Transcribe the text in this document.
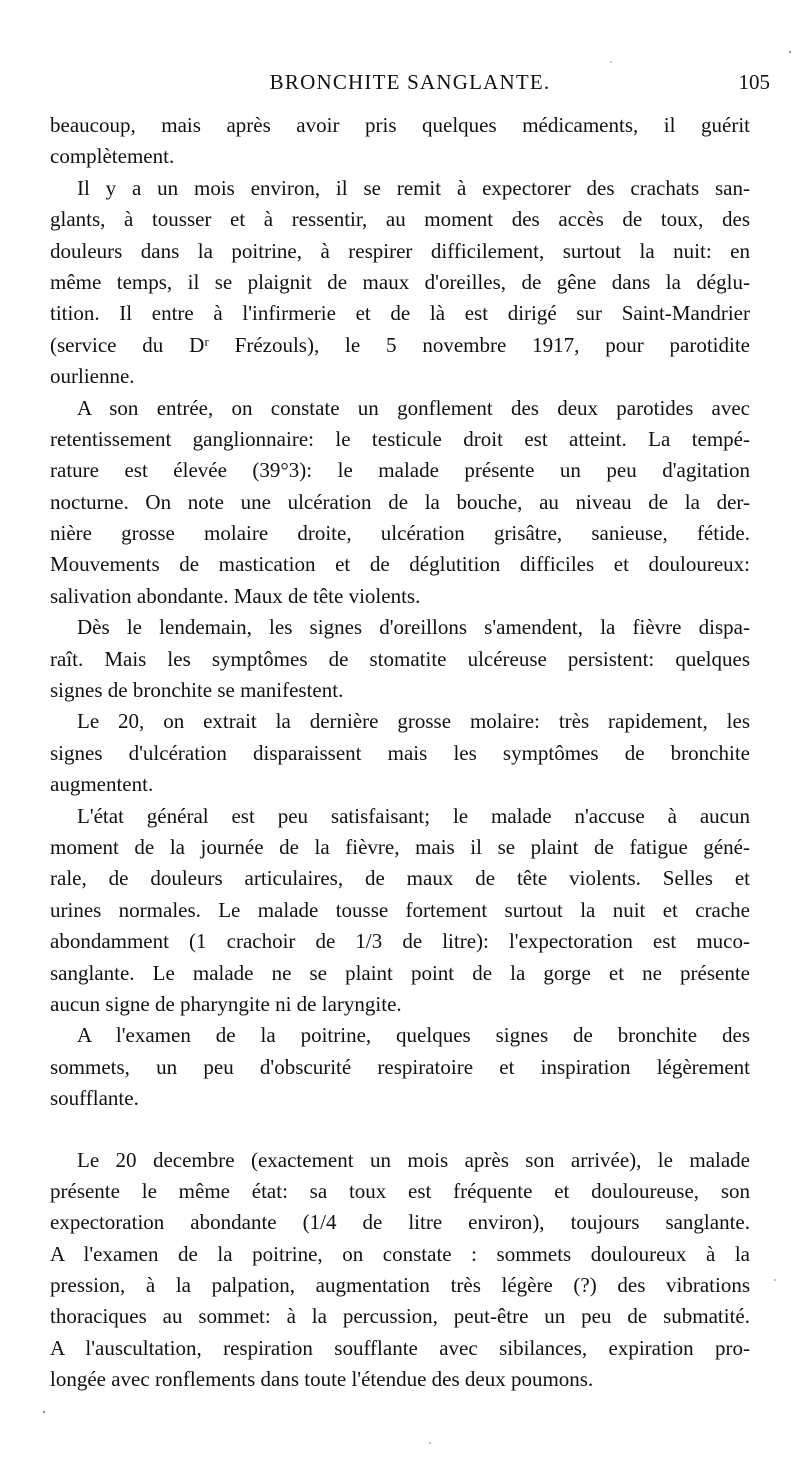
BRONCHITE SANGLANTE.	105
beaucoup, mais après avoir pris quelques médicaments, il guérit
complètement.
Il y a un mois environ, il se remit à expectorer des crachats san-
glants, à tousser et à ressentir, au moment des accès de toux, des
douleurs dans la poitrine, à respirer difficilement, surtout la nuit: en
même temps, il se plaignit de maux d'oreilles, de gêne dans la déglu-
tition. Il entre à l'infirmerie et de là est dirigé sur Saint-Mandrier
(service du Dʳ Frézouls), le 5 novembre 1917, pour parotidite
ourlienne.
A son entrée, on constate un gonflement des deux parotides avec
retentissement ganglionnaire: le testicule droit est atteint. La tempé-
rature est élevée (39°3): le malade présente un peu d'agitation
nocturne. On note une ulcération de la bouche, au niveau de la der-
nière grosse molaire droite, ulcération grisâtre, sanieuse, fétide.
Mouvements de mastication et de déglutition difficiles et douloureux:
salivation abondante. Maux de tête violents.
Dès le lendemain, les signes d'oreillons s'amendent, la fièvre dispa-
raît. Mais les symptômes de stomatite ulcéreuse persistent: quelques
signes de bronchite se manifestent.
Le 20, on extrait la dernière grosse molaire: très rapidement, les
signes d'ulcération disparaissent mais les symptômes de bronchite
augmentent.
L'état général est peu satisfaisant; le malade n'accuse à aucun
moment de la journée de la fièvre, mais il se plaint de fatigue géné-
rale, de douleurs articulaires, de maux de tête violents. Selles et
urines normales. Le malade tousse fortement surtout la nuit et crache
abondamment (1 crachoir de 1/3 de litre): l'expectoration est muco-
sanglante. Le malade ne se plaint point de la gorge et ne présente
aucun signe de pharyngite ni de laryngite.
A l'examen de la poitrine, quelques signes de bronchite des
sommets, un peu d'obscurité respiratoire et inspiration légèrement
soufflante.
Le 20 decembre (exactement un mois après son arrivée), le malade
présente le même état: sa toux est fréquente et douloureuse, son
expectoration abondante (1/4 de litre environ), toujours sanglante.
A l'examen de la poitrine, on constate : sommets douloureux à la
pression, à la palpation, augmentation très légère (?) des vibrations
thoraciques au sommet: à la percussion, peut-être un peu de submatité.
A l'auscultation, respiration soufflante avec sibilances, expiration pro-
longée avec ronflements dans toute l'étendue des deux poumons.
